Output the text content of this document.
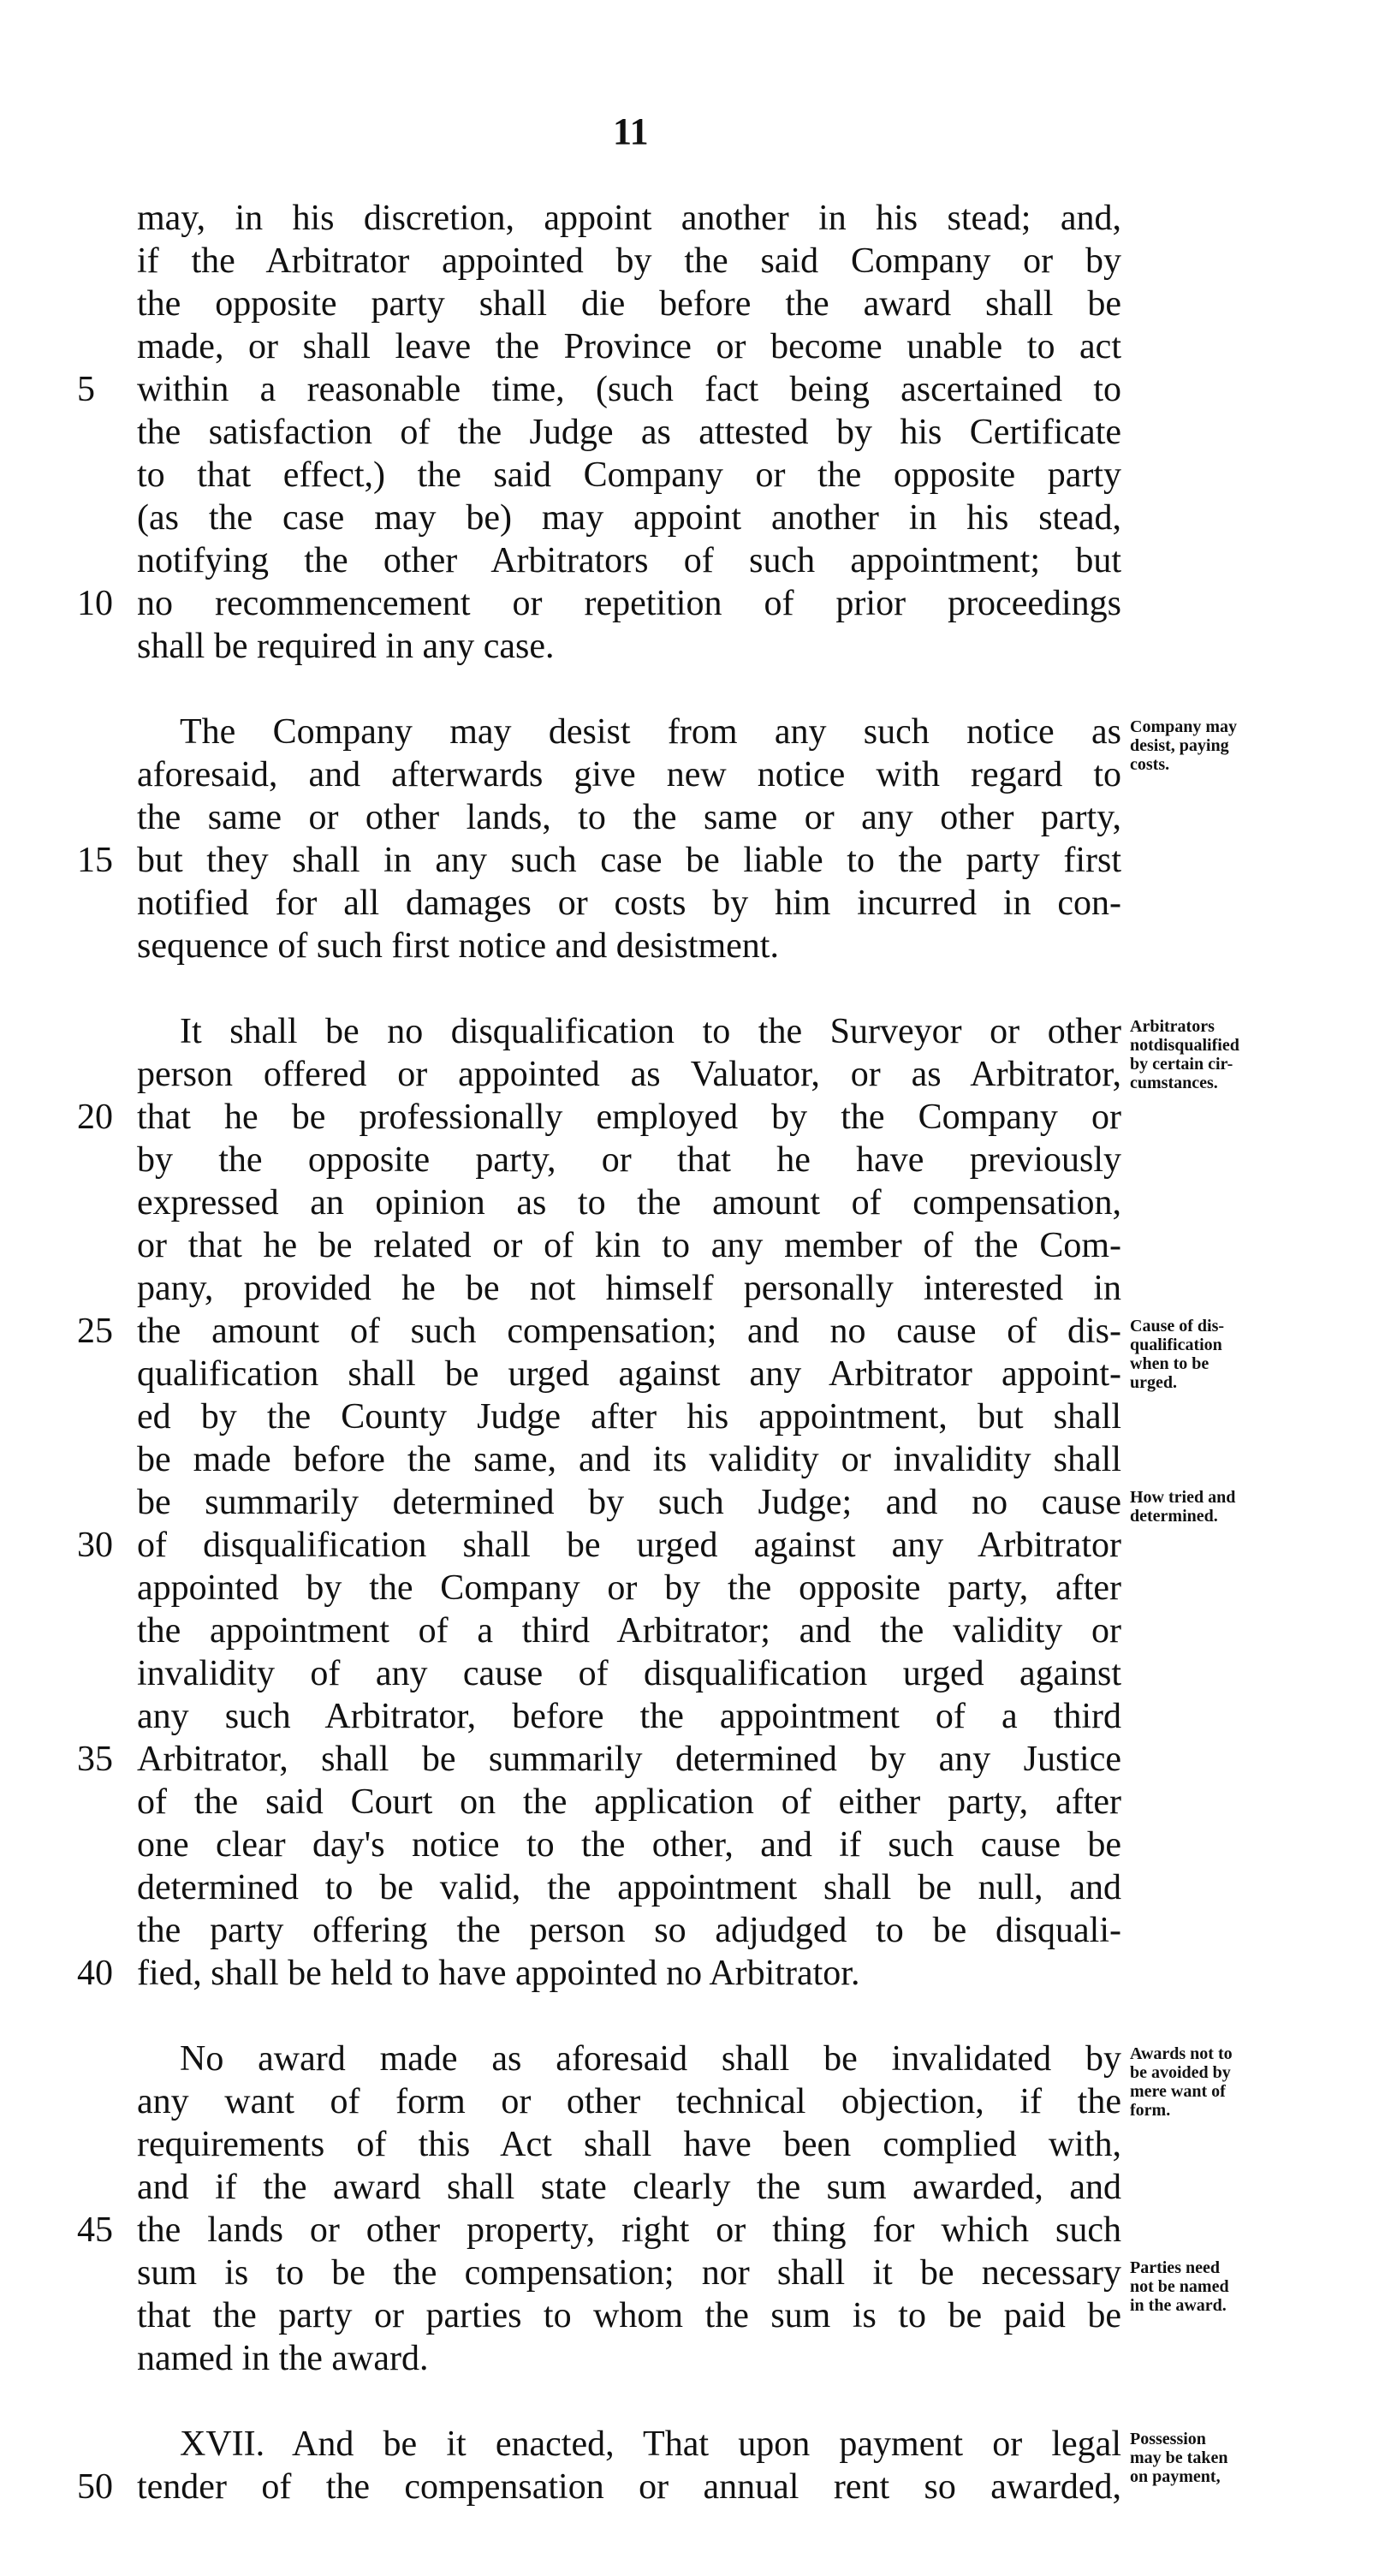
11
may, in his discretion, appoint another in his stead; and,
if the Arbitrator appointed by the said Company or by
the opposite party shall die before the award shall be
made, or shall leave the Province or become unable to act
within a reasonable time, (such fact being ascertained to
the satisfaction of the Judge as attested by his Certificate
to that effect,) the said Company or the opposite party
(as the case may be) may appoint another in his stead,
notifying the other Arbitrators of such appointment; but
no recommencement or repetition of prior proceedings
shall be required in any case.
The Company may desist from any such notice as
aforesaid, and afterwards give new notice with regard to
the same or other lands, to the same or any other party,
but they shall in any such case be liable to the party first
notified for all damages or costs by him incurred in con-
sequence of such first notice and desistment.
It shall be no disqualification to the Surveyor or other
person offered or appointed as Valuator, or as Arbitrator,
that he be professionally employed by the Company or
by the opposite party, or that he have previously
expressed an opinion as to the amount of compensation,
or that he be related or of kin to any member of the Com-
pany, provided he be not himself personally interested in
the amount of such compensation; and no cause of dis-
qualification shall be urged against any Arbitrator appoint-
ed by the County Judge after his appointment, but shall
be made before the same, and its validity or invalidity shall
be summarily determined by such Judge; and no cause
of disqualification shall be urged against any Arbitrator
appointed by the Company or by the opposite party, after
the appointment of a third Arbitrator; and the validity or
invalidity of any cause of disqualification urged against
any such Arbitrator, before the appointment of a third
Arbitrator, shall be summarily determined by any Justice
of the said Court on the application of either party, after
one clear day's notice to the other, and if such cause be
determined to be valid, the appointment shall be null, and
the party offering the person so adjudged to be disquali-
fied, shall be held to have appointed no Arbitrator.
No award made as aforesaid shall be invalidated by
any want of form or other technical objection, if the
requirements of this Act shall have been complied with,
and if the award shall state clearly the sum awarded, and
the lands or other property, right or thing for which such
sum is to be the compensation; nor shall it be necessary
that the party or parties to whom the sum is to be paid be
named in the award.
XVII. And be it enacted, That upon payment or legal
tender of the compensation or annual rent so awarded,
5
10
15
20
25
30
35
40
45
50
Company may
desist, paying
costs.
Arbitrators
notdisqualified
by certain cir-
cumstances.
Cause of dis-
qualification
when to be
urged.
How tried and
determined.
Awards not to
be avoided by
mere want of
form.
Parties need
not be named
in the award.
Possession
may be taken
on payment,
